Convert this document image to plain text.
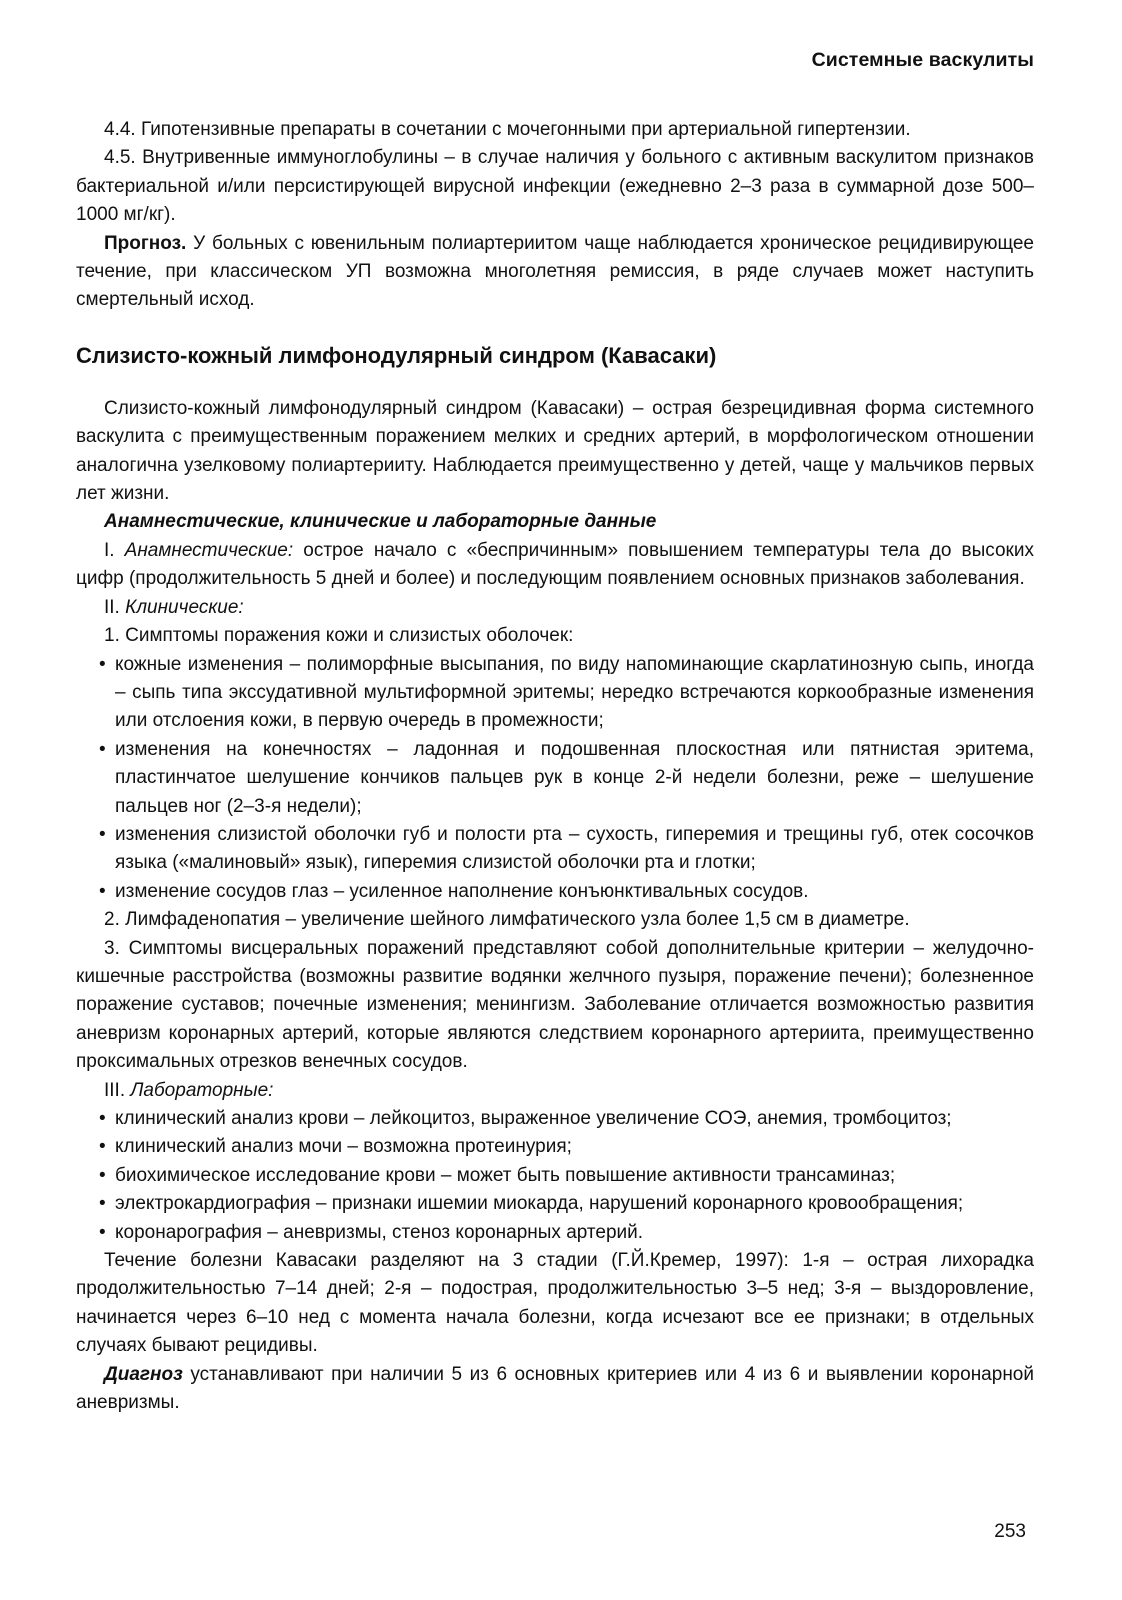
Системные васкулиты

4.4. Гипотензивные препараты в сочетании с мочегонными при артериальной гипертензии.

4.5. Внутривенные иммуноглобулины – в случае наличия у больного с активным васкулитом признаков бактериальной и/или персистирующей вирусной инфекции (ежедневно 2–3 раза в суммарной дозе 500–1000 мг/кг).

Прогноз. У больных с ювенильным полиартериитом чаще наблюдается хроническое рецидивирующее течение, при классическом УП возможна многолетняя ремиссия, в ряде случаев может наступить смертельный исход.

Слизисто-кожный лимфонодулярный синдром (Кавасаки)

Слизисто-кожный лимфонодулярный синдром (Кавасаки) – острая безрецидивная форма системного васкулита с преимущественным поражением мелких и средних артерий, в морфологическом отношении аналогична узелковому полиартерииту. Наблюдается преимущественно у детей, чаще у мальчиков первых лет жизни.

Анамнестические, клинические и лабораторные данные

I. Анамнестические: острое начало с «беспричинным» повышением температуры тела до высоких цифр (продолжительность 5 дней и более) и последующим появлением основных признаков заболевания.

II. Клинические:

1. Симптомы поражения кожи и слизистых оболочек:

• кожные изменения – полиморфные высыпания, по виду напоминающие скарлатинозную сыпь, иногда – сыпь типа экссудативной мультиформной эритемы; нередко встречаются коркообразные изменения или отслоения кожи, в первую очередь в промежности;
• изменения на конечностях – ладонная и подошвенная плоскостная или пятнистая эритема, пластинчатое шелушение кончиков пальцев рук в конце 2-й недели болезни, реже – шелушение пальцев ног (2–3-я недели);
• изменения слизистой оболочки губ и полости рта – сухость, гиперемия и трещины губ, отек сосочков языка («малиновый» язык), гиперемия слизистой оболочки рта и глотки;
• изменение сосудов глаз – усиленное наполнение конъюнктивальных сосудов.

2. Лимфаденопатия – увеличение шейного лимфатического узла более 1,5 см в диаметре.

3. Симптомы висцеральных поражений представляют собой дополнительные критерии – желудочно-кишечные расстройства (возможны развитие водянки желчного пузыря, поражение печени); болезненное поражение суставов; почечные изменения; менингизм. Заболевание отличается возможностью развития аневризм коронарных артерий, которые являются следствием коронарного артериита, преимущественно проксимальных отрезков венечных сосудов.

III. Лабораторные:

• клинический анализ крови – лейкоцитоз, выраженное увеличение СОЭ, анемия, тромбоцитоз;
• клинический анализ мочи – возможна протеинурия;
• биохимическое исследование крови – может быть повышение активности трансаминаз;
• электрокардиография – признаки ишемии миокарда, нарушений коронарного кровообращения;
• коронарография – аневризмы, стеноз коронарных артерий.

Течение болезни Кавасаки разделяют на 3 стадии (Г.Й.Кремер, 1997): 1-я – острая лихорадка продолжительностью 7–14 дней; 2-я – подострая, продолжительностью 3–5 нед; 3-я – выздоровление, начинается через 6–10 нед с момента начала болезни, когда исчезают все ее признаки; в отдельных случаях бывают рецидивы.

Диагноз устанавливают при наличии 5 из 6 основных критериев или 4 из 6 и выявлении коронарной аневризмы.

253
